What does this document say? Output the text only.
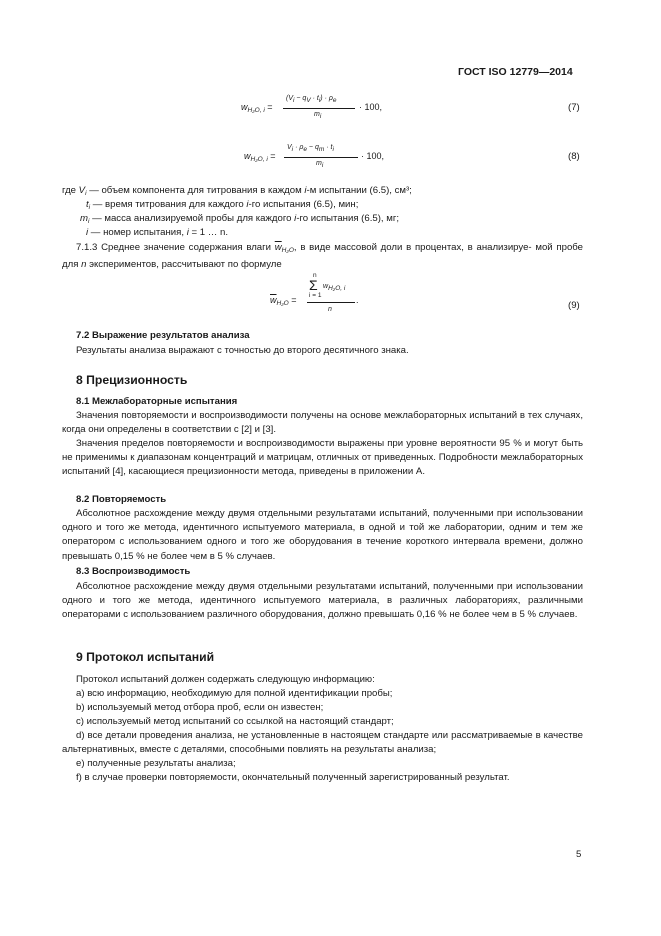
ГОСТ ISO 12779—2014
$w_{H_2O, i}$ =
(Vi − qV · ti) · ρe
mi
· 100,	(7)
$w_{H_2O, i}$ =
Vi · ρe − qm · ti
mi
· 100,	(8)
где $V_i$ — объем компонента для титрования в каждом i-м испытании (6.5), см³;
$t_i$ — время титрования для каждого i-го испытания (6.5), мин;
$m_i$ — масса анализируемой пробы для каждого i-го испытания (6.5), мг;
i — номер испытания, i = 1 … n.
7.1.3 Среднее значение содержания влаги $\overline{w}_{H_2O}$, в виде массовой доли в процентах, в анализируе- мой пробе для n экспериментов, рассчитывают по формуле
$\overline{w}_{H_2O}$ =
n
Σ
i = 1
wH₂O, i
n
.	(9)
7.2 Выражение результатов анализа
Результаты анализа выражают с точностью до второго десятичного знака.
8 Прецизионность
8.1 Межлабораторные испытания
Значения повторяемости и воспроизводимости получены на основе межлабораторных испытаний в тех случаях, когда они определены в соответствии с [2] и [3].
Значения пределов повторяемости и воспроизводимости выражены при уровне вероятности 95 % и могут быть не применимы к диапазонам концентраций и матрицам, отличных от приведенных. Подробности межлабораторных испытаний [4], касающиеся прецизионности метода, приведены в приложении А.
8.2 Повторяемость
Абсолютное расхождение между двумя отдельными результатами испытаний, полученными при использовании одного и того же метода, идентичного испытуемого материала, в одной и той же лаборатории, одним и тем же оператором с использованием одного и того же оборудования в течение короткого интервала времени, должно превышать 0,15 % не более чем в 5 % случаев.
8.3 Воспроизводимость
Абсолютное расхождение между двумя отдельными результатами испытаний, полученными при использовании одного и того же метода, идентичного испытуемого материала, в различных лабораториях, различными операторами с использованием различного оборудования, должно превышать 0,16 % не более чем в 5 % случаев.
9 Протокол испытаний
Протокол испытаний должен содержать следующую информацию:
a) всю информацию, необходимую для полной идентификации пробы;
b) используемый метод отбора проб, если он известен;
c) используемый метод испытаний со ссылкой на настоящий стандарт;
d) все детали проведения анализа, не установленные в настоящем стандарте или рассматриваемые в качестве альтернативных, вместе с деталями, способными повлиять на результаты анализа;
e) полученные результаты анализа;
f) в случае проверки повторяемости, окончательный полученный зарегистрированный результат.
5
